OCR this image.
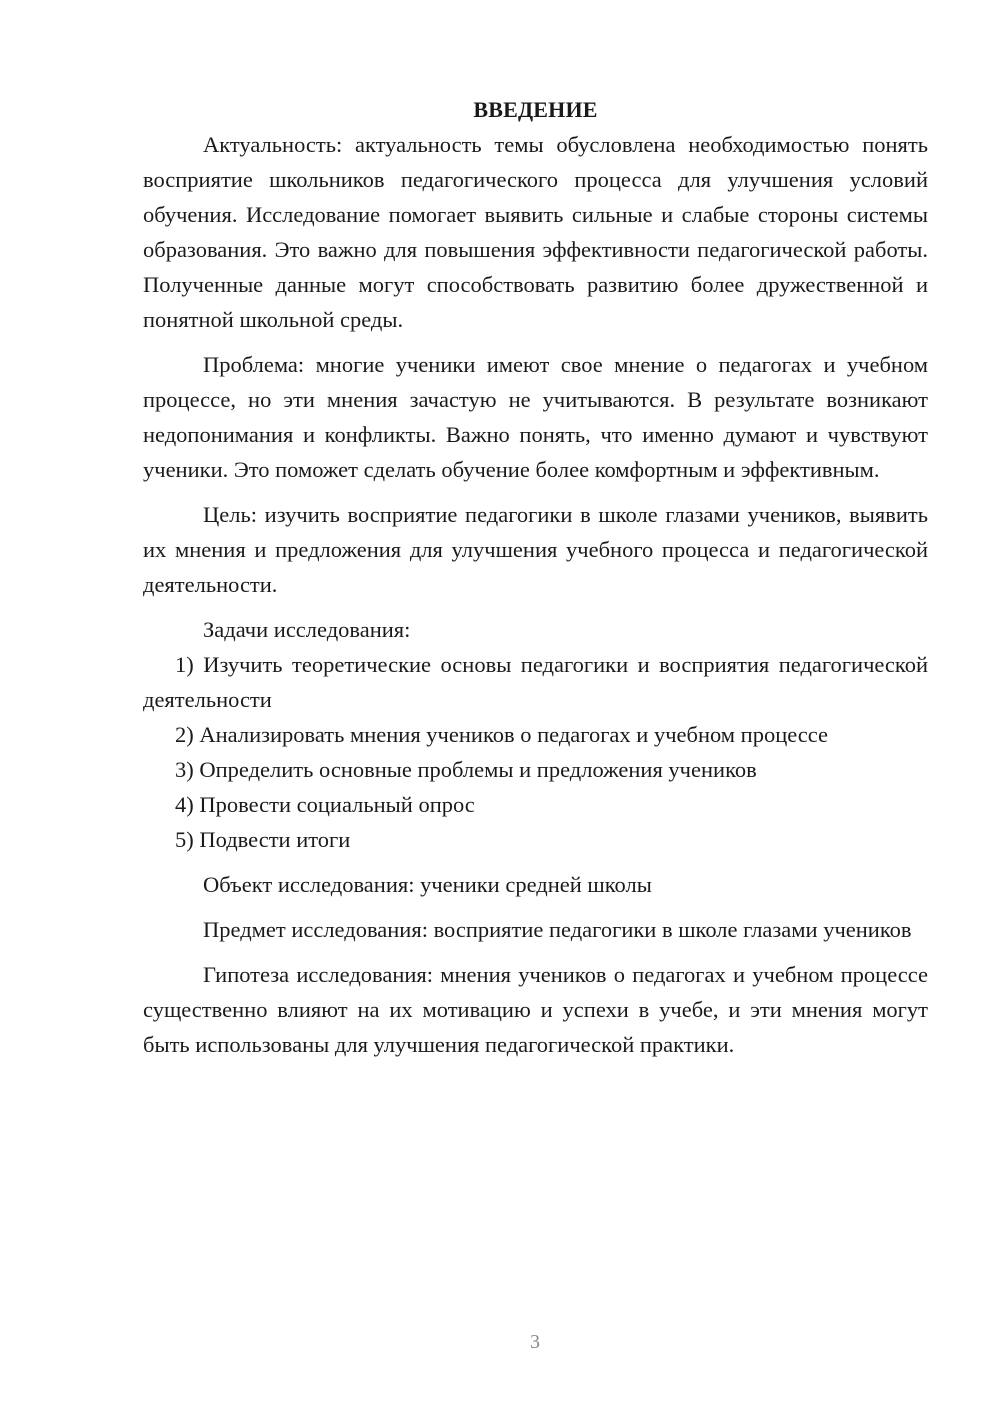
ВВЕДЕНИЕ

Актуальность: актуальность темы обусловлена необходимостью понять восприятие школьников педагогического процесса для улучшения условий обучения. Исследование помогает выявить сильные и слабые стороны системы образования. Это важно для повышения эффективности педагогической работы. Полученные данные могут способствовать развитию более дружественной и понятной школьной среды.

Проблема: многие ученики имеют свое мнение о педагогах и учебном процессе, но эти мнения зачастую не учитываются. В результате возникают недопонимания и конфликты. Важно понять, что именно думают и чувствуют ученики. Это поможет сделать обучение более комфортным и эффективным.

Цель: изучить восприятие педагогики в школе глазами учеников, выявить их мнения и предложения для улучшения учебного процесса и педагогической деятельности.

Задачи исследования:

1) Изучить теоретические основы педагогики и восприятия педагогической деятельности

2) Анализировать мнения учеников о педагогах и учебном процессе

3) Определить основные проблемы и предложения учеников

4) Провести социальный опрос

5) Подвести итоги

Объект исследования: ученики средней школы

Предмет исследования: восприятие педагогики в школе глазами учеников

Гипотеза исследования: мнения учеников о педагогах и учебном процессе существенно влияют на их мотивацию и успехи в учебе, и эти мнения могут быть использованы для улучшения педагогической практики.

3
